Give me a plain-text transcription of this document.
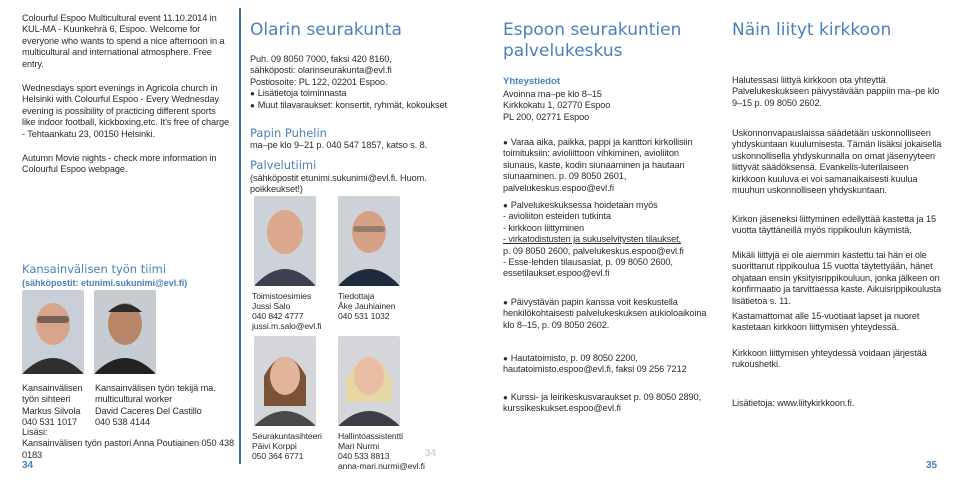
Colourful Espoo Multicultural event 11.10.2014 in KUL-MA - Kuunkehrä 6, Espoo. Welcome for everyone who wants to spend a nice afternoon in a multicultural and international atmosphere. Free entry.

Wednesdays sport evenings in Agricola church in Helsinki with Colourful Espoo - Every Wednesday evening is possibility of practicing different sports like indoor football, kickboxing,etc. It's free of charge - Tehtaankatu 23, 00150 Helsinki.

Autumn Movie nights - check more information in Colourful Espoo webpage.

Kansainvälisen työn tiimi
(sähköpostit: etunimi.sukunimi@evl.fi)

Kansainvälisen

työn sihteeri

Markus Silvola

040 531 1017

Kansainvälisen työn tekijä ma.

multicultural worker

David Caceres Del Castillo

040 538 4144

Lisäsi:

Kansainvälisen työn pastori Anna Poutiainen 050 438 0183

34
Olarin seurakunta

Puh. 09 8050 7000, faksi 420 8160,

sähköposti: olarinseurakunta@evl.fi

Postiosoite: PL 122, 02201 Espoo.

● Lisätietoja toiminnasta

● Muut tilavaraukset: konsertit, ryhmät, kokoukset

Papin Puhelin

ma–pe klo 9–21 p. 040 547 1857, katso s. 8.

Palvelutiimi

(sähköpostit etunimi.sukunimi@evl.fi. Huom. poikkeukset!)

Toimistoesimies

Jussi Salo

040 842 4777

jussi.m.salo@evl.fi

Tiedottaja

Åke Jauhiainen

040 531 1032

Seurakuntasihteeri

Päivi Korppi

050 364 6771

Hallintoassistentti

Mari Nurmi

040 533 8813

anna-mari.nurmi@evl.fi

34
Espoon seurakuntien palvelukeskus
Yhteystiedot

Avoinna ma–pe klo 8–15

Kirkkokatu 1, 02770 Espoo

PL 200, 02771 Espoo

● Varaa aika, paikka, pappi ja kanttori kirkollisiin toimituksiin: avioliittoon vihkiminen, avioliiton siunaus, kaste, kodin siunaaminen ja hautaan siunaaminen. p. 09 8050 2601, palvelukeskus.espoo@evl.fi

● Palvelukeskuksessa hoidetaan myös

- avioliiton esteiden tutkinta

- kirkkoon liittyminen

- virkatodistusten ja sukuselvitysten tilaukset,

p. 09 8050 2600, palvelukeskus.espoo@evl.fi

- Esse-lehden tilausasiat, p. 09 8050 2600,

essetilaukset.espoo@evl.fi

● Päivystävän papin kanssa voit keskustella henkilökohtaisesti palvelukeskuksen aukioloaikoina klo 8–15, p. 09 8050 2602.

● Hautatoimisto, p. 09 8050 2200, hautatoimisto.espoo@evl.fi, faksi 09 256 7212

● Kurssi- ja leirikeskusvaraukset p. 09 8050 2890, kurssikeskukset.espoo@evl.fi

Näin liityt kirkkoon

Halutessasi liittyä kirkkoon ota yhteyttä Palvelukeskukseen päivystävään pappiin ma–pe klo 9–15 p. 09 8050 2602.

Uskonnonvapauslaissa säädetään uskonnolliseen yhdyskuntaan kuulumisesta. Tämän lisäksi jokaisella uskonnollisella yhdyskunnalla on omat jäsenyyteen liittyvät säädöksensä. Evankelis-luterilaiseen kirkkoon kuuluva ei voi samanaikaisesti kuulua muuhun uskonnolliseen yhdyskuntaan.

Kirkon jäseneksi liittyminen edellyttää kastetta ja 15 vuotta täyttäneillä myös rippikoulun käymistä.

Mikäli liittyjä ei ole aiemmin kastettu tai hän ei ole suorittanut rippikoulua 15 vuotta täytettyään, hänet ohjataan ensin yksityisrippikouluun, jonka jälkeen on konfirmaatio ja tarvittaessa kaste. Aikuisrippikoulusta lisätietoa s. 11.

Kastamattomat alle 15-vuotiaat lapset ja nuoret kastetaan kirkkoon liittymisen yhteydessä.

Kirkkoon liittymisen yhteydessä voidaan järjestää rukoushetki.

Lisätietoja: www.liitykirkkoon.fi.

35
